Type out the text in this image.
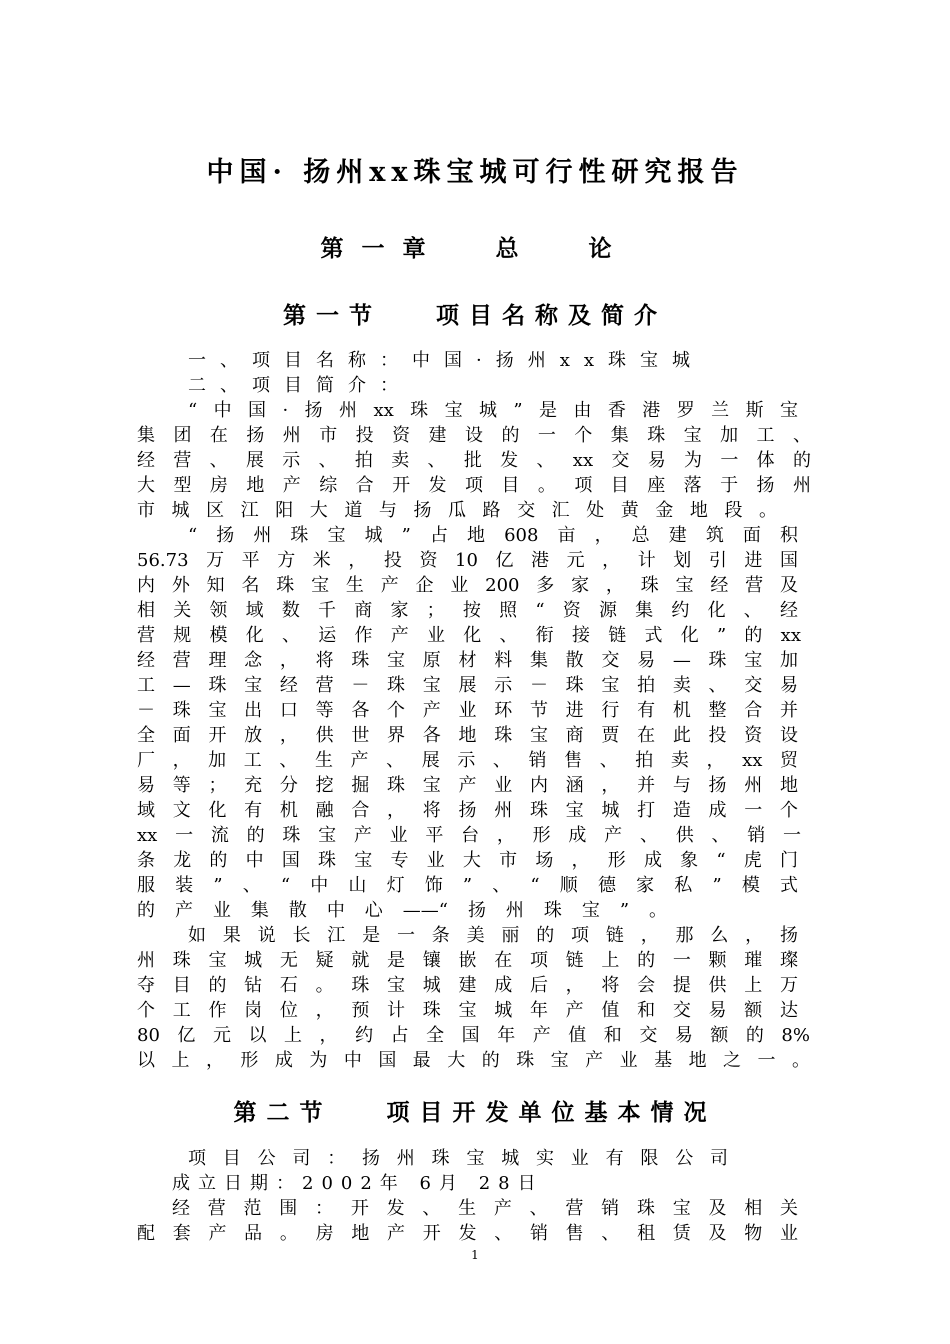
中国· 扬州xx珠宝城可行性研究报告
第一章  总  论
第一节   项目名称及简介
一、项目名称：中国·扬州xx珠宝城
二、项目简介：
“中国·扬州xx珠宝城”是由香港罗兰斯宝
集团在扬州市投资建设的一个集珠宝加工、
经营、展示、拍卖、批发、xx交易为一体的
大型房地产综合开发项目。项目座落于扬州
市城区江阳大道与扬瓜路交汇处黄金地段。
“扬州珠宝城”占地608亩，总建筑面积
56.73万平方米，投资10亿港元，计划引进国
内外知名珠宝生产企业200多家，珠宝经营及
相关领域数千商家；按照“资源集约化、经
营规模化、运作产业化、衔接链式化”的xx
经营理念，将珠宝原材料集散交易—珠宝加
工—珠宝经营－珠宝展示－珠宝拍卖、交易
－珠宝出口等各个产业环节进行有机整合并
全面开放，供世界各地珠宝商贾在此投资设
厂，加工、生产、展示、销售、拍卖，xx贸
易等；充分挖掘珠宝产业内涵，并与扬州地
域文化有机融合，将扬州珠宝城打造成一个
xx一流的珠宝产业平台，形成产、供、销一
条龙的中国珠宝专业大市场，形成象“虎门
服装”、“中山灯饰”、“顺德家私”模式
的产业集散中心——“扬州珠宝”。
如果说长江是一条美丽的项链，那么，扬
州珠宝城无疑就是镶嵌在项链上的一颗璀璨
夺目的钻石。珠宝城建成后，将会提供上万
个工作岗位，预计珠宝城年产值和交易额达
80亿元以上，约占全国年产值和交易额的8%
以上，形成为中国最大的珠宝产业基地之一。
第二节   项目开发单位基本情况
项目公司：扬州珠宝城实业有限公司
成立日期：2002年 6月 28日
经营范围：开发、生产、营销珠宝及相关
配套产品。房地产开发、销售、租赁及物业
1
